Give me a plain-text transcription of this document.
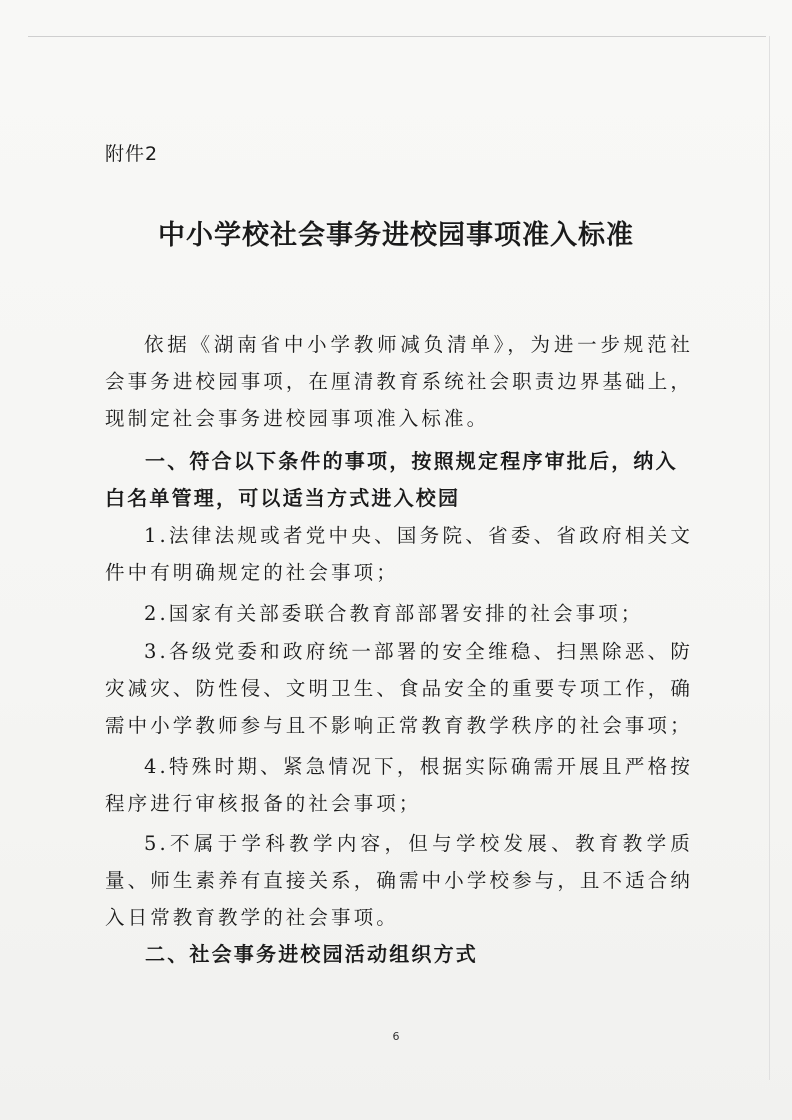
附件2
中小学校社会事务进校园事项准入标准

依据《湖南省中小学教师减负清单》，为进一步规范社会事务进校园事项，在厘清教育系统社会职责边界基础上，现制定社会事务进校园事项准入标准。

一、符合以下条件的事项，按照规定程序审批后，纳入白名单管理，可以适当方式进入校园

1.法律法规或者党中央、国务院、省委、省政府相关文件中有明确规定的社会事项；

2.国家有关部委联合教育部部署安排的社会事项；

3.各级党委和政府统一部署的安全维稳、扫黑除恶、防灾减灾、防性侵、文明卫生、食品安全的重要专项工作，确需中小学教师参与且不影响正常教育教学秩序的社会事项；

4.特殊时期、紧急情况下，根据实际确需开展且严格按程序进行审核报备的社会事项；

5.不属于学科教学内容，但与学校发展、教育教学质量、师生素养有直接关系，确需中小学校参与，且不适合纳入日常教育教学的社会事项。

二、社会事务进校园活动组织方式

6
